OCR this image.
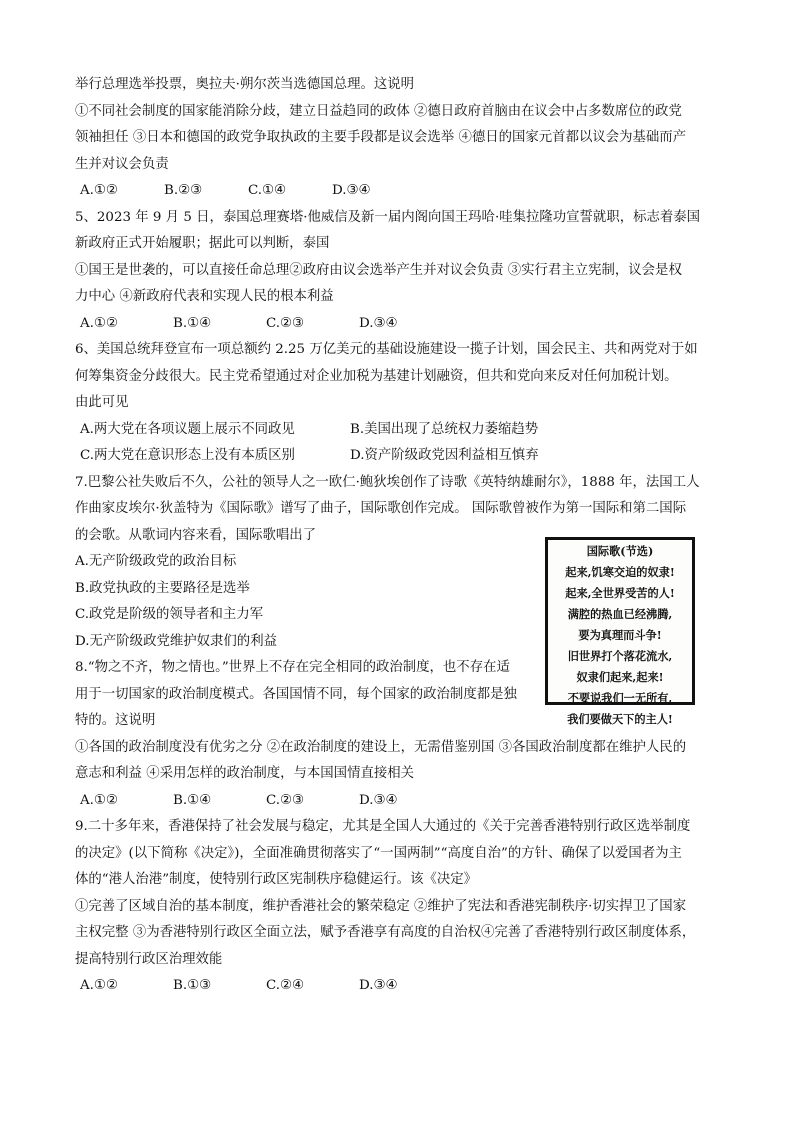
举行总理选举投票，奥拉夫·朔尔茨当选德国总理。这说明
①不同社会制度的国家能消除分歧，建立日益趋同的政体 ②德日政府首脑由在议会中占多数席位的政党
领袖担任 ③日本和德国的政党争取执政的主要手段都是议会选举 ④德日的国家元首都以议会为基础而产
生并对议会负责
A.①②	B.②③	C.①④	D.③④
5、2023 年 9 月 5 日，泰国总理赛塔·他威信及新一届内阁向国王玛哈·哇集拉隆功宣誓就职，标志着泰国
新政府正式开始履职；据此可以判断，泰国
①国王是世袭的，可以直接任命总理②政府由议会选举产生并对议会负责 ③实行君主立宪制，议会是权
力中心 ④新政府代表和实现人民的根本利益
A.①②	B.①④	C.②③	D.③④
6、美国总统拜登宣布一项总额约 2.25 万亿美元的基础设施建设一揽子计划，国会民主、共和两党对于如
何筹集资金分歧很大。民主党希望通过对企业加税为基建计划融资，但共和党向来反对任何加税计划。
由此可见
A.两大党在各项议题上展示不同政见	B.美国出现了总统权力萎缩趋势
C.两大党在意识形态上没有本质区别	D.资产阶级政党因利益相互慎弃
7.巴黎公社失败后不久，公社的领导人之一欧仁·鲍狄埃创作了诗歌《英特纳雄耐尔》，1888 年，法国工人
作曲家皮埃尔·狄盖特为《国际歌》谱写了曲子，国际歌创作完成。 国际歌曾被作为第一国际和第二国际
的会歌。从歌词内容来看，国际歌唱出了
A.无产阶级政党的政治目标
B.政党执政的主要路径是选举
C.政党是阶级的领导者和主力军
D.无产阶级政党维护奴隶们的利益
8.“物之不齐，物之情也。”世界上不存在完全相同的政治制度，也不存在适
用于一切国家的政治制度模式。各国国情不同，每个国家的政治制度都是独
特的。这说明
①各国的政治制度没有优劣之分 ②在政治制度的建设上，无需借鉴别国 ③各国政治制度都在维护人民的
意志和利益 ④采用怎样的政治制度，与本国国情直接相关
A.①②	B.①④	C.②③	D.③④
9.二十多年来，香港保持了社会发展与稳定，尤其是全国人大通过的《关于完善香港特别行政区选举制度
的决定》(以下简称《决定》)，全面准确贯彻落实了“一国两制”“高度自治”的方针、确保了以爱国者为主
体的“港人治港”制度，使特别行政区宪制秩序稳健运行。该《决定》
①完善了区域自治的基本制度，维护香港社会的繁荣稳定 ②维护了宪法和香港宪制秩序·切实捍卫了国家
主权完整 ③为香港特别行政区全面立法，赋予香港享有高度的自治权④完善了香港特别行政区制度体系，
提高特别行政区治理效能
A.①②	B.①③	C.②④	D.③④
国际歌(节选)
起来,饥寒交迫的奴隶!
起来,全世界受苦的人!
满腔的热血已经沸腾,
要为真理而斗争!
旧世界打个落花流水,
奴隶们起来,起来!
不要说我们一无所有,
我们要做天下的主人!
